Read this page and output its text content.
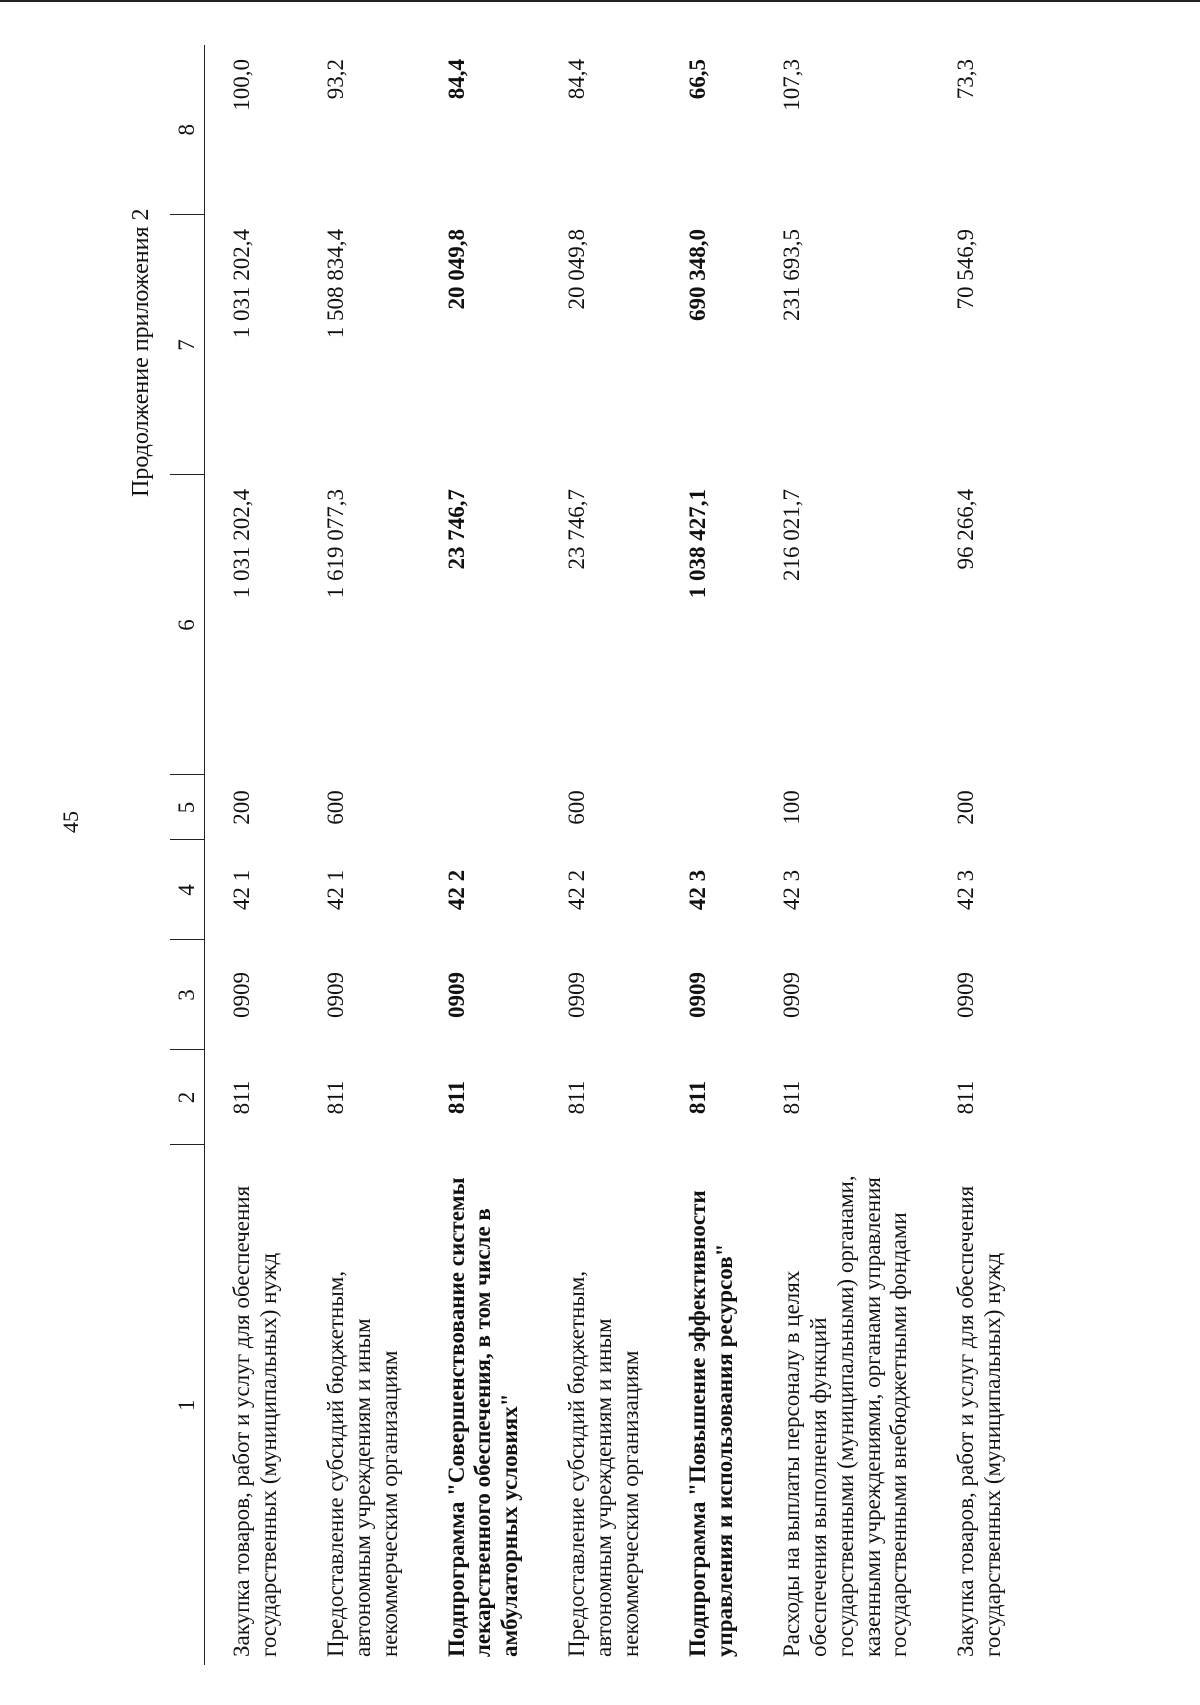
45
Продолжение приложения 2
1	2	3	4	5	6	7	8
Закупка товаров, работ и услуг для обеспечения государственных (муниципальных) нужд	811	0909	42 1	200	1 031 202,4	1 031 202,4	100,0
Предоставление субсидий бюджетным, автономным учреждениям и иным некоммерческим организациям	811	0909	42 1	600	1 619 077,3	1 508 834,4	93,2
Подпрограмма "Совершенствование системы лекарственного обеспечения, в том числе в амбулаторных условиях"	811	0909	42 2		23 746,7	20 049,8	84,4
Предоставление субсидий бюджетным, автономным учреждениям и иным некоммерческим организациям	811	0909	42 2	600	23 746,7	20 049,8	84,4
Подпрограмма "Повышение эффективности управления и использования ресурсов"	811	0909	42 3		1 038 427,1	690 348,0	66,5
Расходы на выплаты персоналу в целях обеспечения выполнения функций государственными (муниципальными) органами, казенными учреждениями, органами управления государственными внебюджетными фондами	811	0909	42 3	100	216 021,7	231 693,5	107,3
Закупка товаров, работ и услуг для обеспечения государственных (муниципальных) нужд	811	0909	42 3	200	96 266,4	70 546,9	73,3
